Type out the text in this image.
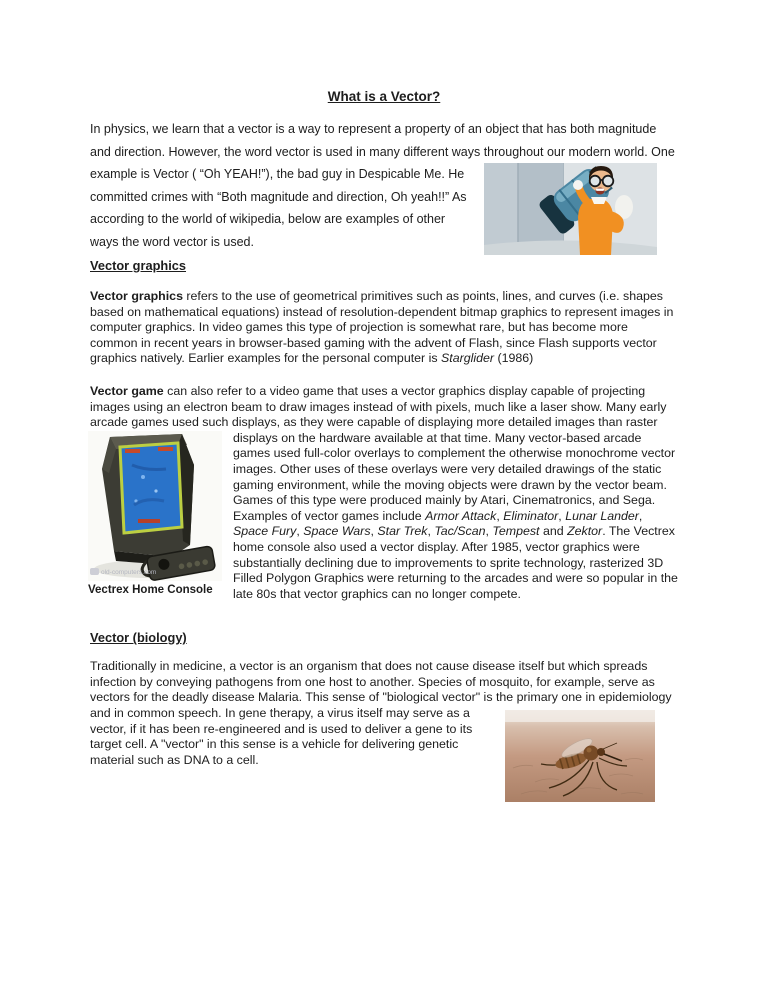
What is a Vector?

In physics, we learn that a vector is a way to represent a property of an object that has both magnitude and direction. However, the word vector is used in many different ways throughout our modern world.
One example is Vector ( “Oh YEAH!”), the bad guy in Despicable Me. He committed crimes with “Both magnitude and direction, Oh yeah!!” As according to the world of wikipedia, below are examples of other ways the word vector is used.

Vector graphics

Vector graphics refers to the use of geometrical primitives such as points, lines, and curves (i.e. shapes based on mathematical equations) instead of resolution-dependent bitmap graphics to represent images in computer graphics. In video games this type of projection is somewhat rare, but has become more common in recent years in browser-based gaming with the advent of Flash, since Flash supports vector graphics natively. Earlier examples for the personal computer is Starglider (1986)

Vector game can also refer to a video game that uses a vector graphics display capable of projecting images using an electron beam to draw images instead of with pixels, much like a laser show. Many early arcade games used such displays, as they were capable of displaying more detailed images than raster displays on the hardware available at that time. Many vector-
old-computers.com
Vectrex Home Console
based arcade games used full-color overlays to complement the otherwise monochrome vector images. Other uses of these overlays were very detailed drawings of the static gaming environment, while the moving objects were drawn by the vector beam. Games of this type were produced mainly by Atari, Cinematronics, and Sega. Examples of vector games include Armor Attack, Eliminator, Lunar Lander, Space Fury, Space Wars, Star Trek, Tac/Scan, Tempest and Zektor. The Vectrex home console also used a vector display. After 1985, vector graphics were substantially declining due to improvements to sprite technology, rasterized 3D Filled Polygon Graphics were returning to the arcades and were so popular in the late 80s that vector graphics can no longer compete.

Vector (biology)

Traditionally in medicine, a vector is an organism that does not cause disease itself but which spreads infection by conveying pathogens from one host to another. Species of mosquito, for example, serve as vectors for the deadly disease Malaria. This sense of "biological vector" is
the primary one in epidemiology and in common speech. In gene therapy, a virus itself may serve as a vector, if it has been re-engineered and is used to deliver a gene to its target cell. A "vector" in this sense is a vehicle for delivering genetic material such as DNA to a cell.
